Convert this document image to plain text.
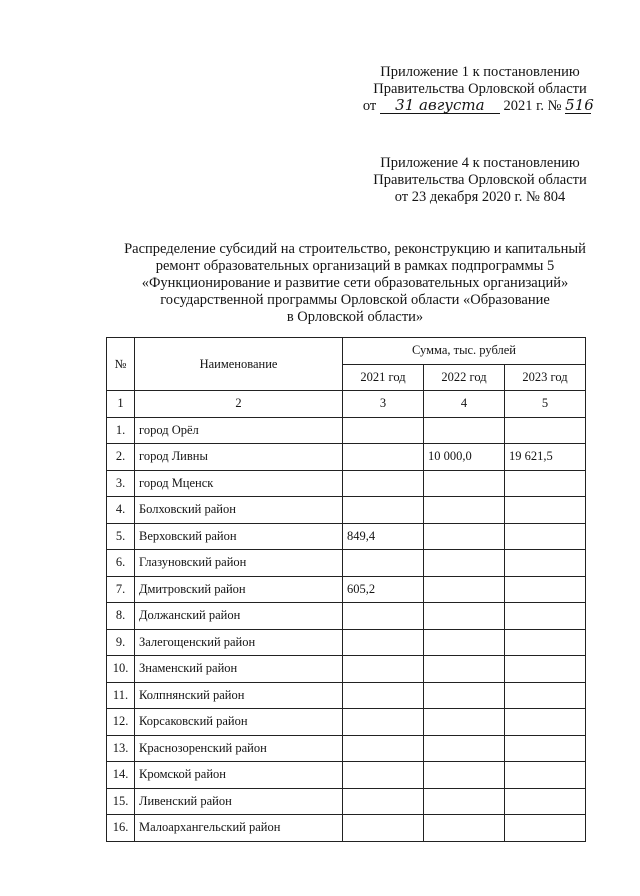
Приложение 1 к постановлению
Правительства Орловской области
от 31 августа 2021 г. № 516
Приложение 4 к постановлению
Правительства Орловской области
от 23 декабря 2020 г. № 804
Распределение субсидий на строительство, реконструкцию и капитальный
ремонт образовательных организаций в рамках подпрограммы 5
«Функционирование и развитие сети образовательных организаций»
государственной программы Орловской области «Образование
в Орловской области»
№	Наименование	Сумма, тыс. рублей		
		2021 год	2022 год	2023 год
1	2	3	4	5
1.	город Орёл			
2.	город Ливны		10 000,0	19 621,5
3.	город Мценск			
4.	Болховский район			
5.	Верховский район	849,4		
6.	Глазуновский район			
7.	Дмитровский район	605,2		
8.	Должанский район			
9.	Залегощенский район			
10.	Знаменский район			
11.	Колпнянский район			
12.	Корсаковский район			
13.	Краснозоренский район			
14.	Кромской район			
15.	Ливенский район			
16.	Малоархангельский район			
